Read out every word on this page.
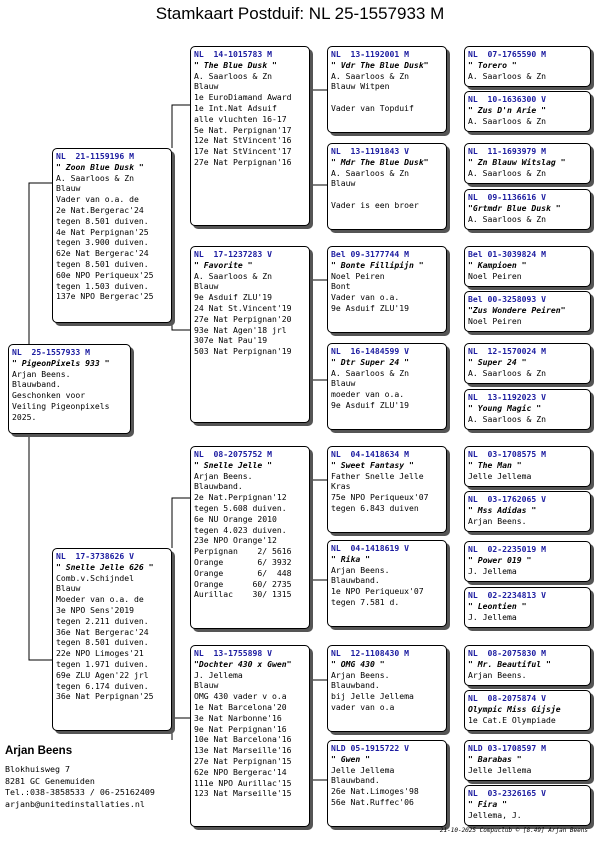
Stamkaart Postduif: NL 25-1557933 M
NL  25-1557933 M
" PigeonPixels 933 "
Arjan Beens.
Blauwband.
Geschonken voor
Veiling Pigeonpixels
2025.
NL  21-1159196 M
" Zoon Blue Dusk "
A. Saarloos & Zn
Blauw
Vader van o.a. de
2e Nat.Bergerac'24
tegen 8.501 duiven.
4e Nat Perpignan'25
tegen 3.900 duiven.
62e Nat Bergerac'24
tegen 8.501 duiven.
60e NPO Periqueux'25
tegen 1.503 duiven.
137e NPO Bergerac'25
NL  17-3738626 V
" Snelle Jelle 626 "
Comb.v.Schijndel
Blauw
Moeder van o.a. de
3e NPO Sens'2019
tegen 2.211 duiven.
36e Nat Bergerac'24
tegen 8.501 duiven.
22e NPO Limoges'21
tegen 1.971 duiven.
69e ZLU Agen'22 jrl
tegen 6.174 duiven.
36e Nat Perpignan'25
NL  14-1015783 M
" The Blue Dusk "
A. Saarloos & Zn
Blauw
1e EuroDiamand Award
1e Int.Nat Adsuif
alle vluchten 16-17
5e Nat. Perpignan'17
12e Nat StVincent'16
17e Nat StVincent'17
27e Nat Perpignan'16
NL  17-1237283 V
" Favorite "
A. Saarloos & Zn
Blauw
9e Asduif ZLU'19
24 Nat St.Vincent'19
27e Nat Perpignan'20
93e Nat Agen'18 jrl
307e Nat Pau'19
503 Nat Perpignan'19
NL  08-2075752 M
" Snelle Jelle "
Arjan Beens.
Blauwband.
2e Nat.Perpignan'12
tegen 5.608 duiven.
6e NU Orange 2010
tegen 4.023 duiven.
23e NPO Orange'12
Perpignan    2/ 5616
Orange       6/ 3932
Orange       6/  448
Orange      60/ 2735
Aurillac    30/ 1315
NL  13-1755898 V
"Dochter 430 x Gwen"
J. Jellema
Blauw
OMG 430 vader v o.a
1e Nat Barcelona'20
3e Nat Narbonne'16
9e Nat Perpignan'16
10e Nat Barcelona'16
13e Nat Marseille'16
27e Nat Perpignan'15
62e NPO Bergerac'14
111e NPO Aurillac'15
123 Nat Marseille'15
NL  13-1192001 M
" Vdr The Blue Dusk"
A. Saarloos & Zn
Blauw Witpen

Vader van Topduif
NL  13-1191843 V
" Mdr The Blue Dusk"
A. Saarloos & Zn
Blauw

Vader is een broer
Bel 09-3177744 M
" Bonte Fillipijn "
Noel Peiren
Bont
Vader van o.a.
9e Asduif ZLU'19
NL  16-1484599 V
" Dtr Super 24 "
A. Saarloos & Zn
Blauw
moeder van o.a.
9e Asduif ZLU'19
NL  04-1418634 M
" Sweet Fantasy "
Father Snelle Jelle
Kras
75e NPO Periqueux'07
tegen 6.843 duiven
NL  04-1418619 V
" Rika "
Arjan Beens.
Blauwband.
1e NPO Periqueux'07
tegen 7.581 d.
NL  12-1108430 M
" OMG 430 "
Arjan Beens.
Blauwband.
bij Jelle Jellema
vader van o.a
NLD 05-1915722 V
" Gwen "
Jelle Jellema
Blauwband.
26e Nat.Limoges'98
56e Nat.Ruffec'06
NL  07-1765590 M
" Torero "
A. Saarloos & Zn
NL  10-1636300 V
" Zus D'n Arie "
A. Saarloos & Zn
NL  11-1693979 M
" Zn Blauw Witslag "
A. Saarloos & Zn
NL  09-1136616 V
"Grtmdr Blue Dusk "
A. Saarloos & Zn
Bel 01-3039824 M
" Kampioen "
Noel Peiren
Bel 00-3258093 V
"Zus Wondere Peiren"
Noel Peiren
NL  12-1570024 M
" Super 24 "
A. Saarloos & Zn
NL  13-1192023 V
" Young Magic "
A. Saarloos & Zn
NL  03-1708575 M
" The Man "
Jelle Jellema
NL  03-1762065 V
" Mss Adidas "
Arjan Beens.
NL  02-2235019 M
" Power 019 "
J. Jellema
NL  02-2234813 V
" Leontien "
J. Jellema
NL  08-2075830 M
" Mr. Beautiful "
Arjan Beens.
NL  08-2075874 V
Olympic Miss Gijsje
1e Cat.E Olympiade
NLD 03-1708597 M
" Barabas "
Jelle Jellema
NL  03-2326165 V
" Fira "
Jellema, J.
Arjan Beens
Blokhuisweg 7
8281 GC Genemuiden
Tel.:038-3858533 / 06-25162409
arjanb@unitedinstallaties.nl
21-10-2025 Compuclub © [8.49] Arjan Beens
